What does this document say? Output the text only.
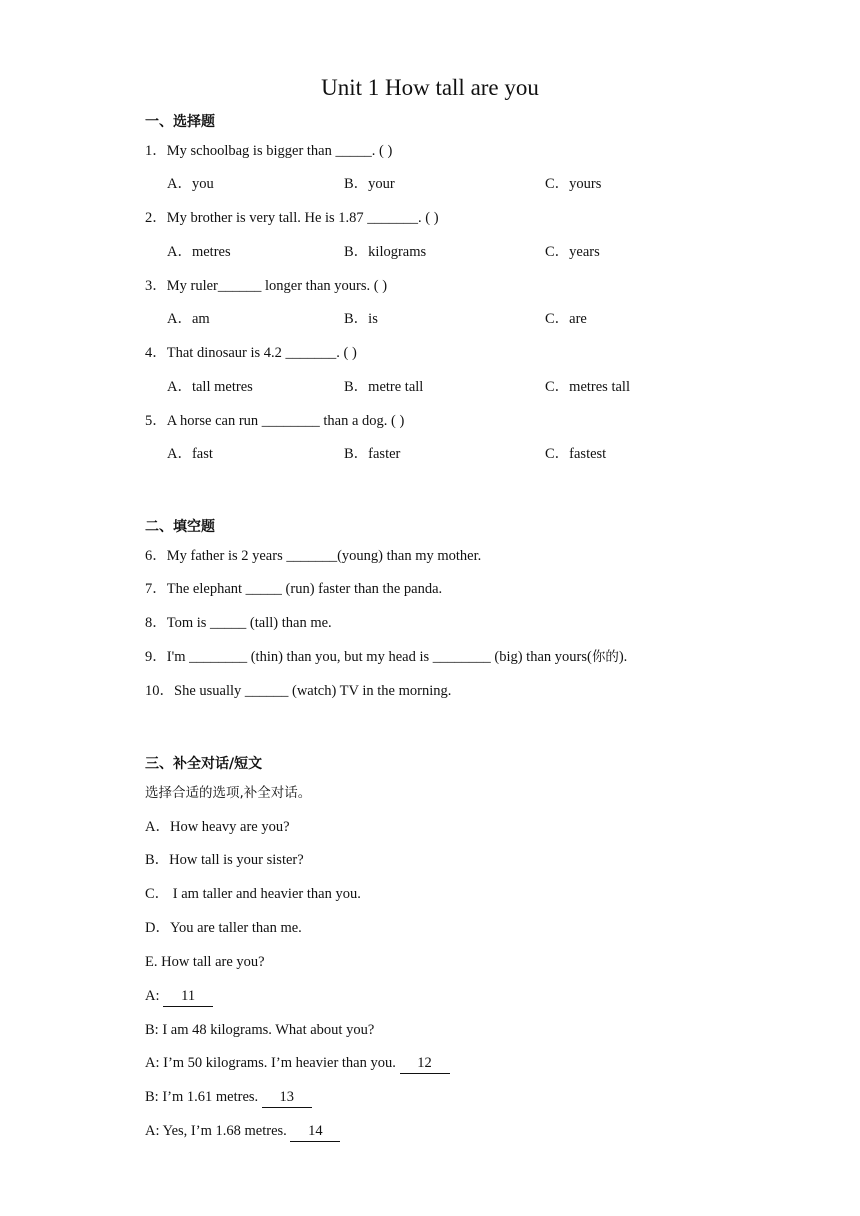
Unit 1 How tall are you
一、选择题
1．My schoolbag is bigger than _____. ( )
A．you	B．your	C．yours
2．My brother is very tall. He is 1.87 _______. ( )
A．metres	B．kilograms	C．years
3．My ruler______ longer than yours. ( )
A．am	B．is	C．are
4．That dinosaur is 4.2 _______. ( )
A．tall metres	B．metre tall	C．metres tall
5．A horse can run ________ than a dog. ( )
A．fast	B．faster	C．fastest
二、填空题
6．My father is 2 years _______(young) than my mother.
7．The elephant _____ (run) faster than the panda.
8．Tom is _____ (tall) than me.
9．I'm ________ (thin) than you, but my head is ________ (big) than yours(你的).
10．She usually ______ (watch) TV in the morning.
三、补全对话/短文
选择合适的选项,补全对话。
A．How heavy are you?
B．How tall is your sister?
C． I am taller and heavier than you.
D．You are taller than me.
E. How tall are you?
A: 11
B: I am 48 kilograms. What about you?
A: I’m 50 kilograms. I’m heavier than you. 12
B: I’m 1.61 metres. 13
A: Yes, I’m 1.68 metres. 14
